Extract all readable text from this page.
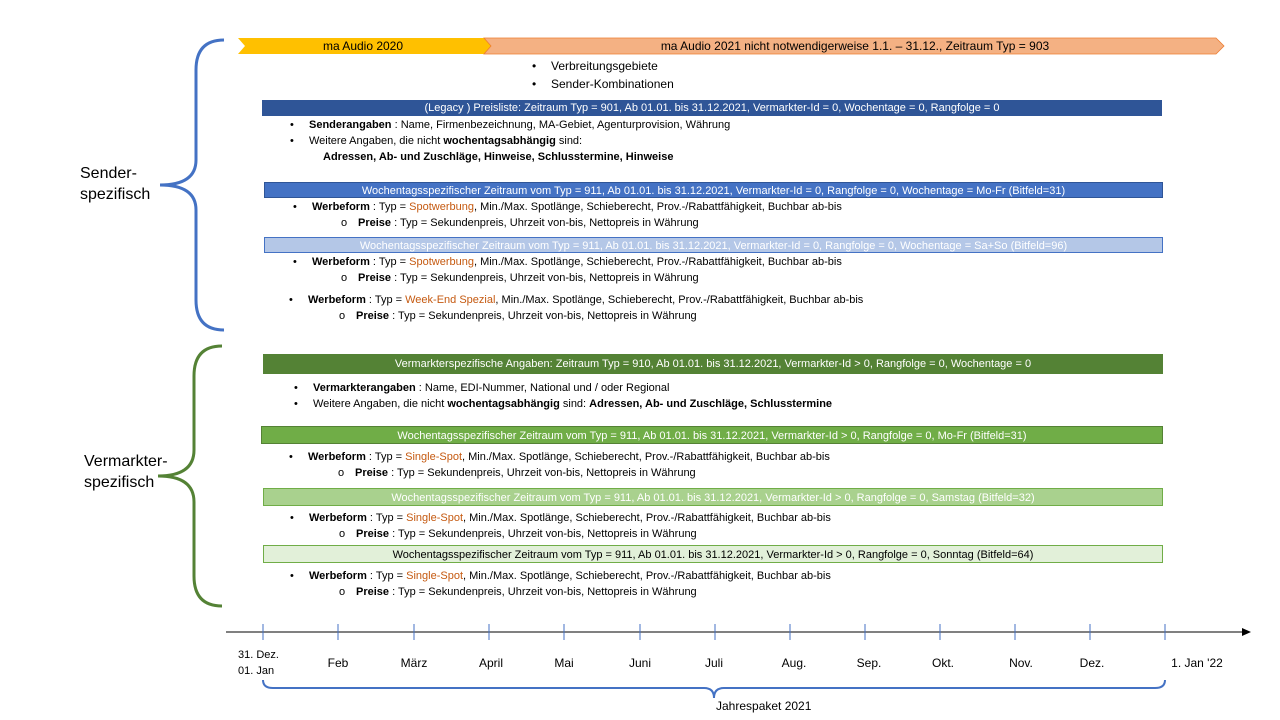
ma Audio 2020	ma Audio 2021 nicht notwendigerweise 1.1. – 31.12., Zeitraum Typ = 903
• Verbreitungsgebiete
• Sender-Kombinationen
Sender-
spezifisch
Vermarkter-
spezifisch
(Legacy ) Preisliste: Zeitraum Typ = 901, Ab 01.01. bis 31.12.2021, Vermarkter-Id = 0, Wochentage = 0, Rangfolge = 0
• Senderangaben : Name, Firmenbezeichnung, MA-Gebiet, Agenturprovision, Währung
• Weitere Angaben, die nicht wochentagsabhängig sind:
Adressen, Ab- und Zuschläge, Hinweise, Schlusstermine, Hinweise
Wochentagsspezifischer Zeitraum vom Typ = 911, Ab 01.01. bis 31.12.2021, Vermarkter-Id = 0, Rangfolge = 0, Wochentage = Mo-Fr (Bitfeld=31)
• Werbeform : Typ = Spotwerbung, Min./Max. Spotlänge, Schieberecht, Prov.-/Rabattfähigkeit, Buchbar ab-bis
o Preise : Typ = Sekundenpreis, Uhrzeit von-bis, Nettopreis in Währung
Wochentagsspezifischer Zeitraum vom Typ = 911, Ab 01.01. bis 31.12.2021, Vermarkter-Id = 0, Rangfolge = 0, Wochentage = Sa+So (Bitfeld=96)
• Werbeform : Typ = Spotwerbung, Min./Max. Spotlänge, Schieberecht, Prov.-/Rabattfähigkeit, Buchbar ab-bis
o Preise : Typ = Sekundenpreis, Uhrzeit von-bis, Nettopreis in Währung
• Werbeform : Typ = Week-End Spezial, Min./Max. Spotlänge, Schieberecht, Prov.-/Rabattfähigkeit, Buchbar ab-bis
o Preise : Typ = Sekundenpreis, Uhrzeit von-bis, Nettopreis in Währung
Vermarkterspezifische Angaben: Zeitraum Typ = 910, Ab 01.01. bis 31.12.2021, Vermarkter-Id > 0, Rangfolge = 0, Wochentage = 0
• Vermarkterangaben : Name, EDI-Nummer, National und / oder Regional
• Weitere Angaben, die nicht wochentagsabhängig sind: Adressen, Ab- und Zuschläge, Schlusstermine
Wochentagsspezifischer Zeitraum vom Typ = 911, Ab 01.01. bis 31.12.2021, Vermarkter-Id > 0, Rangfolge = 0, Mo-Fr (Bitfeld=31)
• Werbeform : Typ = Single-Spot, Min./Max. Spotlänge, Schieberecht, Prov.-/Rabattfähigkeit, Buchbar ab-bis
o Preise : Typ = Sekundenpreis, Uhrzeit von-bis, Nettopreis in Währung
Wochentagsspezifischer Zeitraum vom Typ = 911, Ab 01.01. bis 31.12.2021, Vermarkter-Id > 0, Rangfolge = 0, Samstag (Bitfeld=32)
• Werbeform : Typ = Single-Spot, Min./Max. Spotlänge, Schieberecht, Prov.-/Rabattfähigkeit, Buchbar ab-bis
o Preise : Typ = Sekundenpreis, Uhrzeit von-bis, Nettopreis in Währung
Wochentagsspezifischer Zeitraum vom Typ = 911, Ab 01.01. bis 31.12.2021, Vermarkter-Id > 0, Rangfolge = 0, Sonntag (Bitfeld=64)
• Werbeform : Typ = Single-Spot, Min./Max. Spotlänge, Schieberecht, Prov.-/Rabattfähigkeit, Buchbar ab-bis
o Preise : Typ = Sekundenpreis, Uhrzeit von-bis, Nettopreis in Währung
31. Dez.
01. Jan
Feb	März	April	Mai	Juni	Juli	Aug.	Sep.	Okt.	Nov.	Dez.	1. Jan '22
Jahrespaket 2021
